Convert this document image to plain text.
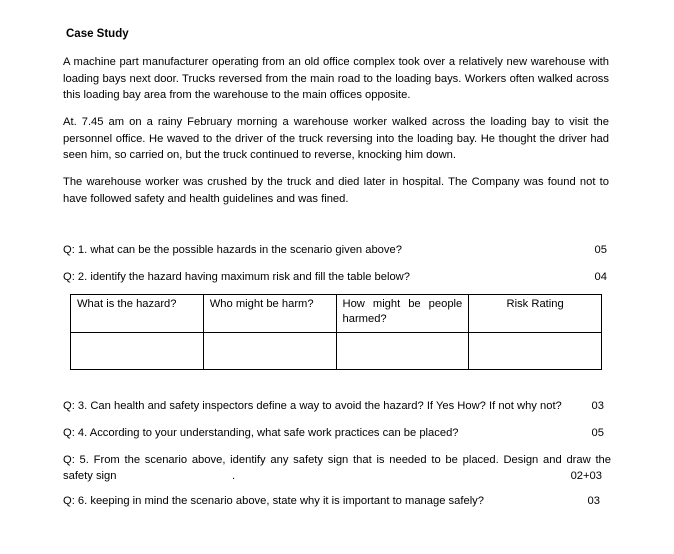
Case Study
A machine part manufacturer operating from an old office complex took over a relatively new warehouse with loading bays next door. Trucks reversed from the main road to the loading bays. Workers often walked across this loading bay area from the warehouse to the main offices opposite.
At. 7.45 am on a rainy February morning a warehouse worker walked across the loading bay to visit the personnel office. He waved to the driver of the truck reversing into the loading bay. He thought the driver had seen him, so carried on, but the truck continued to reverse, knocking him down.
The warehouse worker was crushed by the truck and died later in hospital. The Company was found not to have followed safety and health guidelines and was fined.
Q: 1. what can be the possible hazards in the scenario given above?	05
Q: 2. identify the hazard having maximum risk and fill the table below?	04
What is the hazard?	Who might be harm?	How might be people harmed?	Risk Rating

Q: 3. Can health and safety inspectors define a way to avoid the hazard? If Yes How? If not why not?	03
Q: 4. According to your understanding, what safe work practices can be placed?	05
Q: 5. From the scenario above, identify any safety sign that is needed to be placed. Design and draw the safety sign	.	02+03
Q: 6. keeping in mind the scenario above, state why it is important to manage safely?	03
